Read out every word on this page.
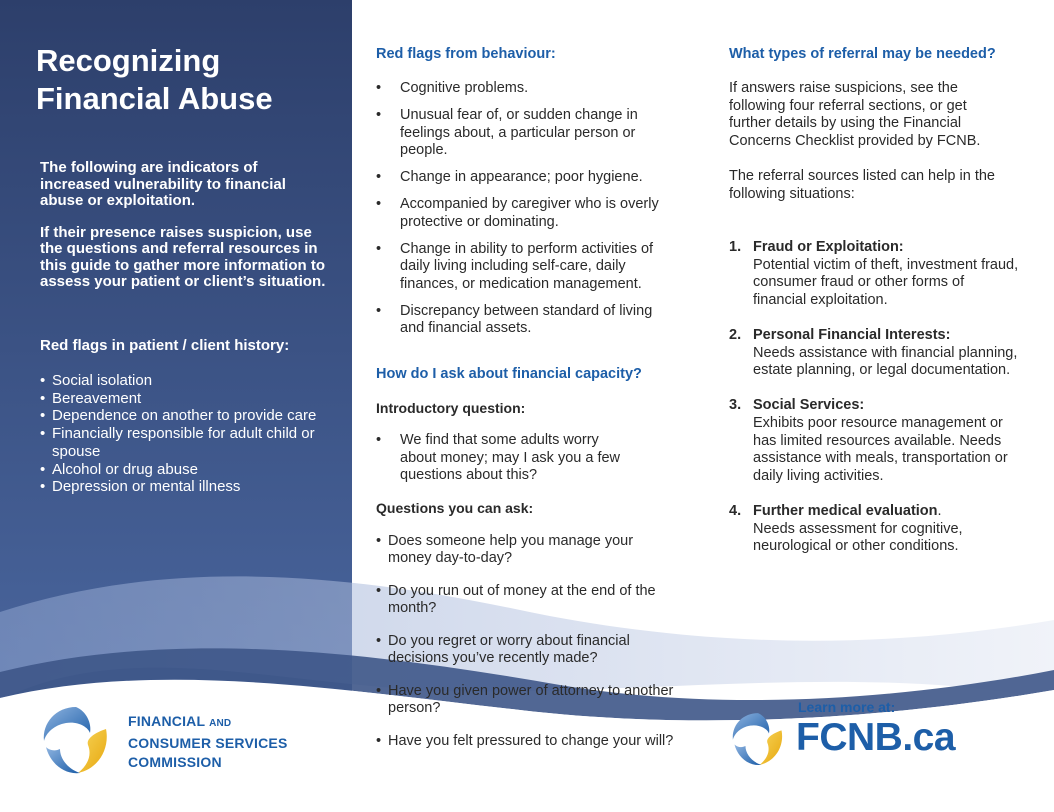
Recognizing Financial Abuse

The following are indicators of increased vulnerability to financial abuse or exploitation.

If their presence raises suspicion, use the questions and referral resources in this guide to gather more information to assess your patient or client’s situation.

Red flags in patient / client history:
• Social isolation
• Bereavement
• Dependence on another to provide care
• Financially responsible for adult child or spouse
• Alcohol or drug abuse
• Depression or mental illness
Red flags from behaviour:
• Cognitive problems.
• Unusual fear of, or sudden change in feelings about, a particular person or people.
• Change in appearance; poor hygiene.
• Accompanied by caregiver who is overly protective or dominating.
• Change in ability to perform activities of daily living including self-care, daily finances, or medication management.
• Discrepancy between standard of living and financial assets.
How do I ask about financial capacity?
Introductory question:
• We find that some adults worry about money; may I ask you a few questions about this?
Questions you can ask:
• Does someone help you manage your money day-to-day?
• Do you run out of money at the end of the month?
• Do you regret or worry about financial decisions you’ve recently made?
• Have you given power of attorney to another person?
• Have you felt pressured to change your will?
What types of referral may be needed?

If answers raise suspicions, see the following four referral sections, or get further details by using the Financial Concerns Checklist provided by FCNB.

The referral sources listed can help in the following situations:

1. Fraud or Exploitation:
Potential victim of theft, investment fraud, consumer fraud or other forms of financial exploitation.
2. Personal Financial Interests:
Needs assistance with financial planning, estate planning, or legal documentation.
3. Social Services:
Exhibits poor resource management or has limited resources available. Needs assistance with meals, transportation or daily living activities.
4. Further medical evaluation.
Needs assessment for cognitive, neurological or other conditions.
FINANCIAL AND
CONSUMER SERVICES
COMMISSION
Learn more at:
FCNB.ca
